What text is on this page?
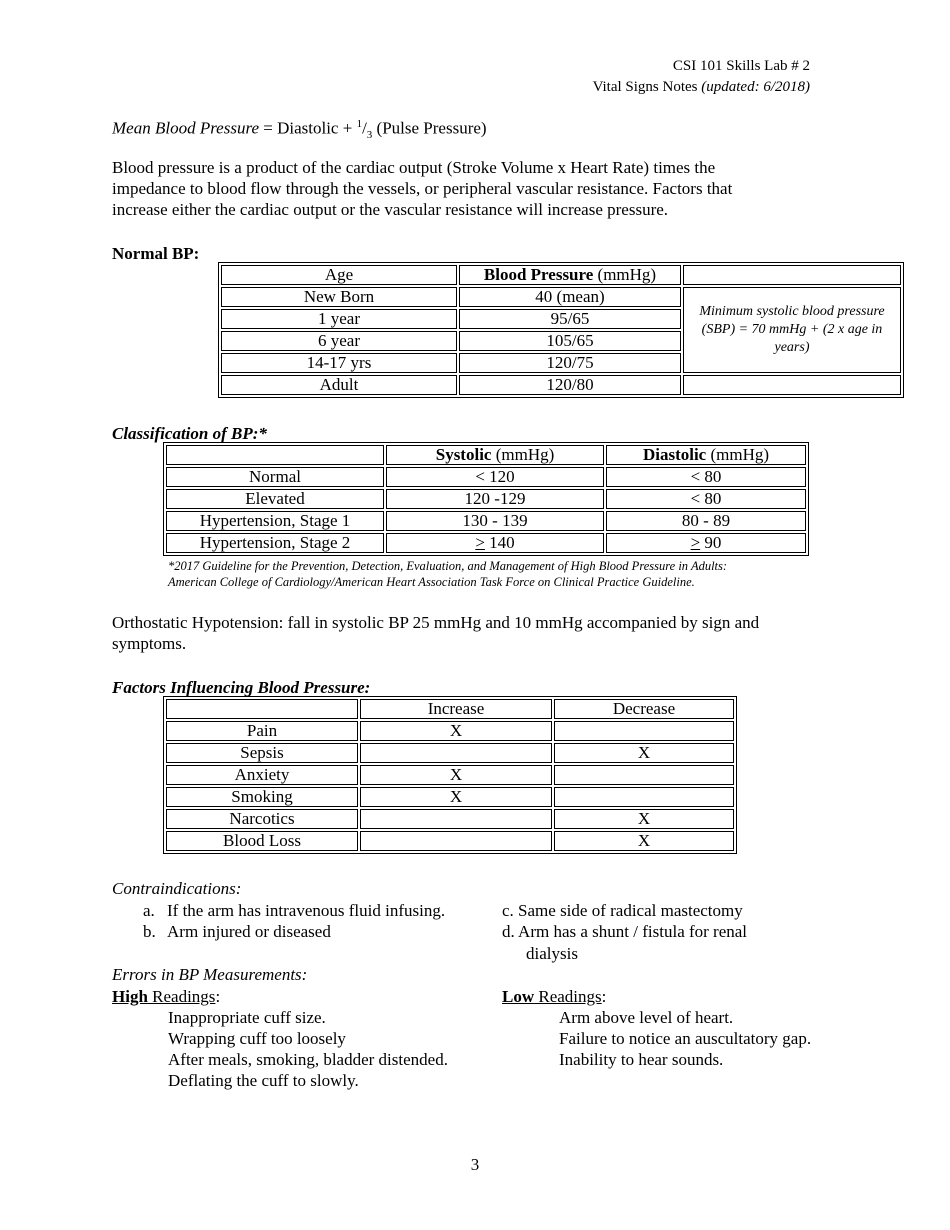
CSI 101 Skills Lab # 2
Vital Signs Notes (updated: 6/2018)
Mean Blood Pressure = Diastolic + $^1/_3$ (Pulse Pressure)
Blood pressure is a product of the cardiac output (Stroke Volume x Heart Rate) times the
impedance to blood flow through the vessels, or peripheral vascular resistance. Factors that
increase either the cardiac output or the vascular resistance will increase pressure.
Normal BP:
Age	Blood Pressure (mmHg)	
New Born	40 (mean)	Minimum systolic blood pressure (SBP) = 70 mmHg + (2 x age in years)
1 year	95/65	
6 year	105/65	
14-17 yrs	120/75	
Adult	120/80	
Classification of BP:*
	Systolic (mmHg)	Diastolic (mmHg)
Normal	< 120	< 80
Elevated	120 -129	< 80
Hypertension, Stage 1	130 - 139	80 - 89
Hypertension, Stage 2	≥ 140	≥ 90
*2017 Guideline for the Prevention, Detection, Evaluation, and Management of High Blood Pressure in Adults:
American College of Cardiology/American Heart Association Task Force on Clinical Practice Guideline.
Orthostatic Hypotension: fall in systolic BP 25 mmHg and 10 mmHg accompanied by sign and
symptoms.
Factors Influencing Blood Pressure:
	Increase	Decrease
Pain	X	
Sepsis		X
Anxiety	X	
Smoking	X	
Narcotics		X
Blood Loss		X
Contraindications:
a. If the arm has intravenous fluid infusing.
b. Arm injured or diseased
c. Same side of radical mastectomy
d. Arm has a shunt / fistula for renal
dialysis
Errors in BP Measurements:
High Readings:
Inappropriate cuff size.
Wrapping cuff too loosely
After meals, smoking, bladder distended.
Deflating the cuff to slowly.
Low Readings:
Arm above level of heart.
Failure to notice an auscultatory gap.
Inability to hear sounds.
3
